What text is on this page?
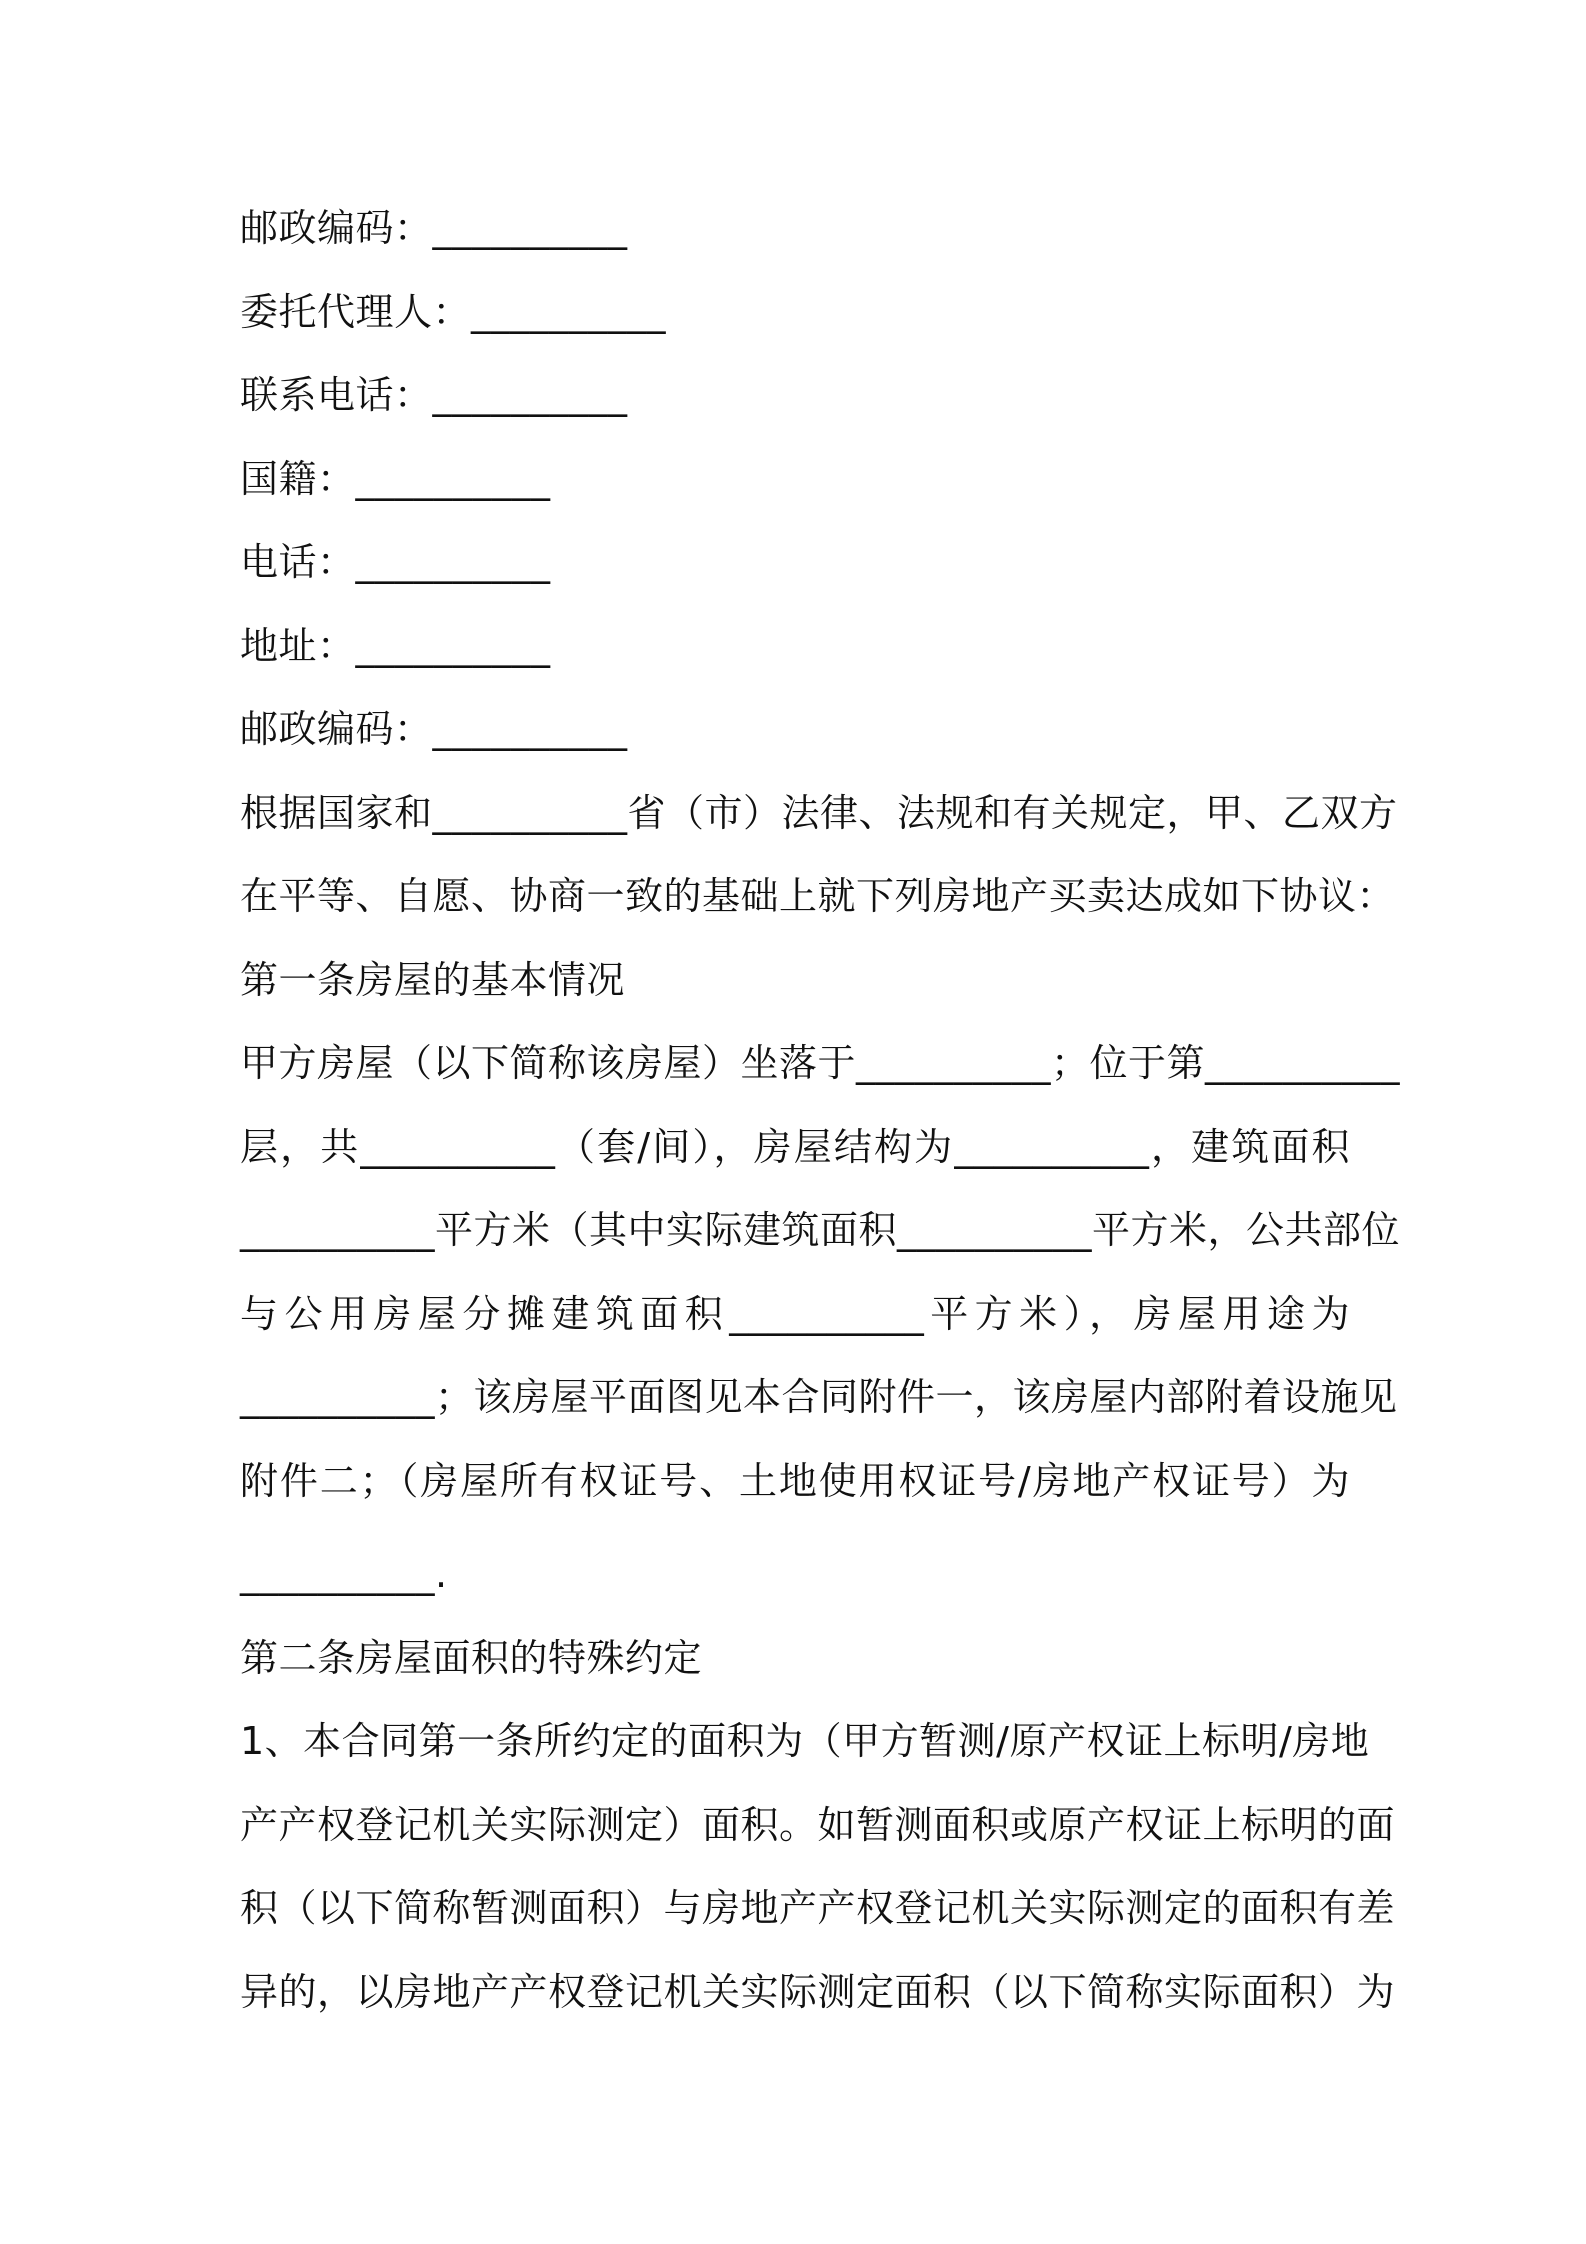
邮政编码：__________
委托代理人：__________
联系电话：__________
国籍：__________
电话：__________
地址：__________
邮政编码：__________
根据国家和__________省（市）法律、法规和有关规定，甲、乙双方
在平等、自愿、协商一致的基础上就下列房地产买卖达成如下协议：
第一条房屋的基本情况
甲方房屋（以下简称该房屋）坐落于__________；位于第__________
层，共__________（套/间），房屋结构为__________，建筑面积
__________平方米（其中实际建筑面积__________平方米，公共部位
与公用房屋分摊建筑面积__________平方米），房屋用途为
__________；该房屋平面图见本合同附件一，该房屋内部附着设施见
附件二；（房屋所有权证号、土地使用权证号/房地产权证号）为
__________.
第二条房屋面积的特殊约定
1、本合同第一条所约定的面积为（甲方暂测/原产权证上标明/房地
产产权登记机关实际测定）面积。如暂测面积或原产权证上标明的面
积（以下简称暂测面积）与房地产产权登记机关实际测定的面积有差
异的，以房地产产权登记机关实际测定面积（以下简称实际面积）为
